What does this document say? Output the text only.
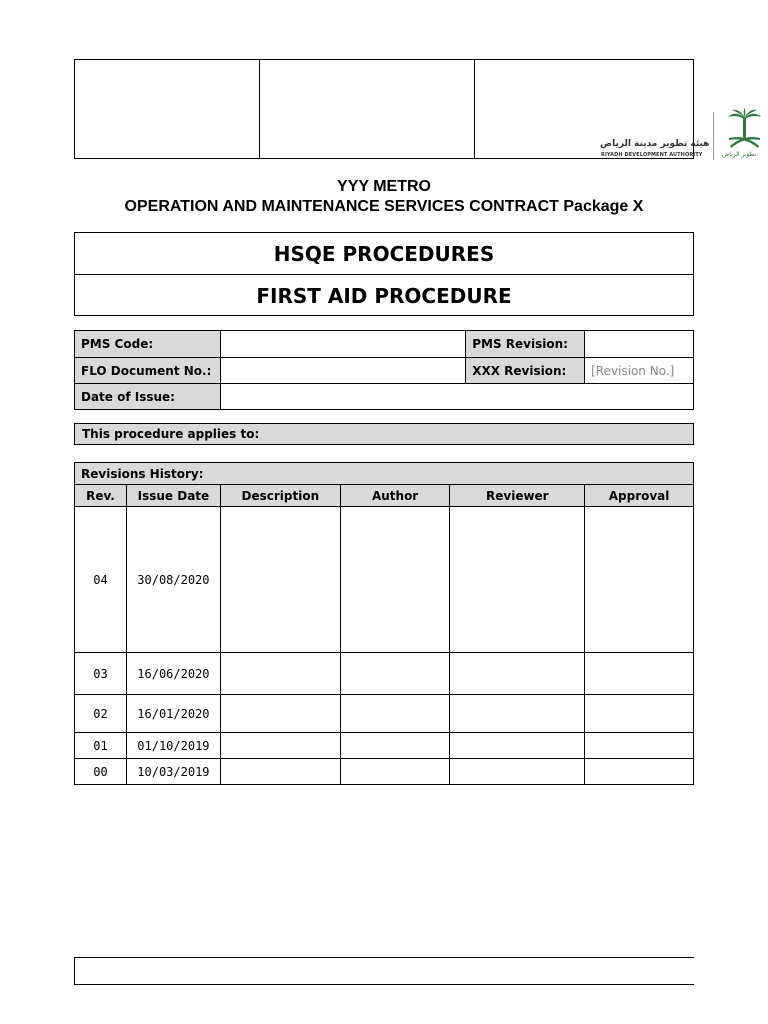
هيئة تطوير مدينة الرياض
RIYADH DEVELOPMENT AUTHORITY	تطوير الرياض
YYY METRO
OPERATION AND MAINTENANCE SERVICES CONTRACT Package X
HSQE PROCEDURES
FIRST AID PROCEDURE
PMS Code:		PMS Revision:	
FLO Document No.:		XXX Revision:	[Revision No.]
Date of Issue:			
This procedure applies to:
Revisions History:					
Rev.	Issue Date	Description	Author	Reviewer	Approval
04	30/08/2020				
03	16/06/2020				
02	16/01/2020				
01	01/10/2019				
00	10/03/2019				
